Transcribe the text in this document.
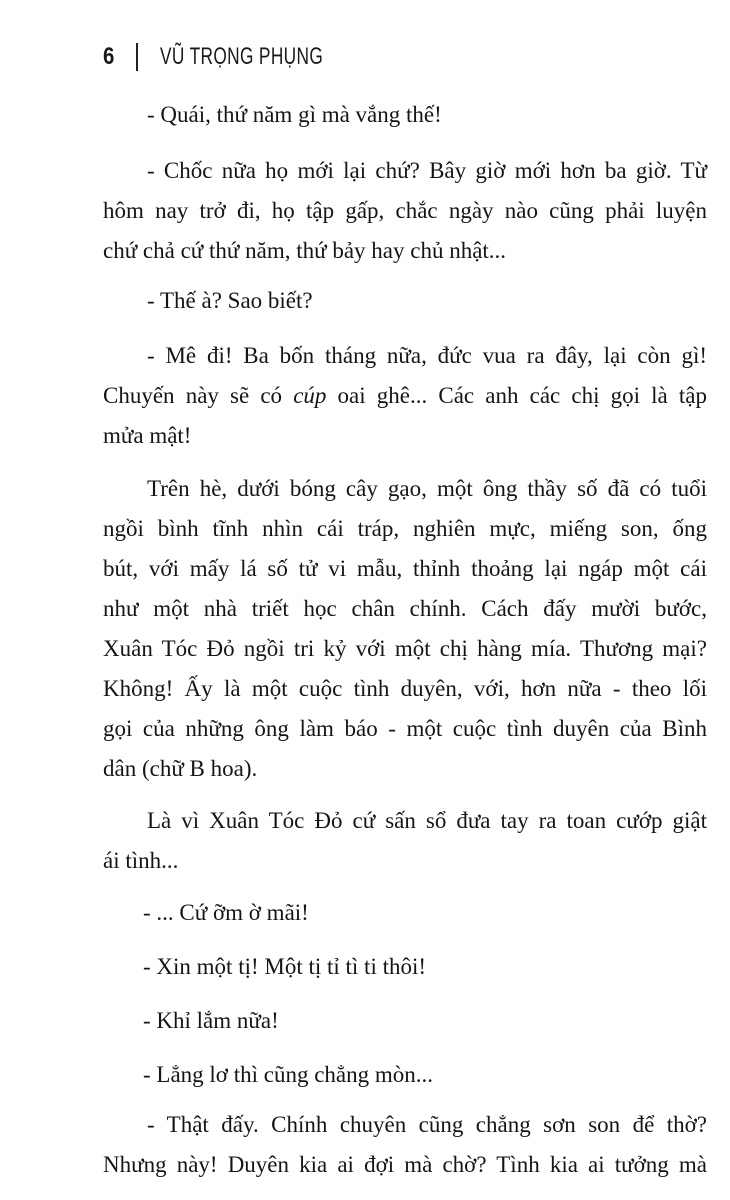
6 VŨ TRỌNG PHỤNG
- Quái, thứ năm gì mà vắng thế!
- Chốc nữa họ mới lại chứ? Bây giờ mới hơn ba giờ. Từ
hôm nay trở đi, họ tập gấp, chắc ngày nào cũng phải luyện
chứ chả cứ thứ năm, thứ bảy hay chủ nhật...
- Thế à? Sao biết?
- Mê đi! Ba bốn tháng nữa, đức vua ra đây, lại còn gì!
Chuyến này sẽ có cúp oai ghê... Các anh các chị gọi là tập
mửa mật!
Trên hè, dưới bóng cây gạo, một ông thầy số đã có tuổi
ngồi bình tĩnh nhìn cái tráp, nghiên mực, miếng son, ống
bút, với mấy lá số tử vi mẫu, thỉnh thoảng lại ngáp một cái
như một nhà triết học chân chính. Cách đấy mười bước,
Xuân Tóc Đỏ ngồi tri kỷ với một chị hàng mía. Thương mại?
Không! Ấy là một cuộc tình duyên, với, hơn nữa - theo lối
gọi của những ông làm báo - một cuộc tình duyên của Bình
dân (chữ B hoa).
Là vì Xuân Tóc Đỏ cứ sấn sổ đưa tay ra toan cướp giật
ái tình...
- ... Cứ ỡm ờ mãi!
- Xin một tị! Một tị tỉ tì ti thôi!
- Khỉ lắm nữa!
- Lẳng lơ thì cũng chẳng mòn...
- Thật đấy. Chính chuyên cũng chẳng sơn son để thờ?
Nhưng này! Duyên kia ai đợi mà chờ? Tình kia ai tưởng mà
